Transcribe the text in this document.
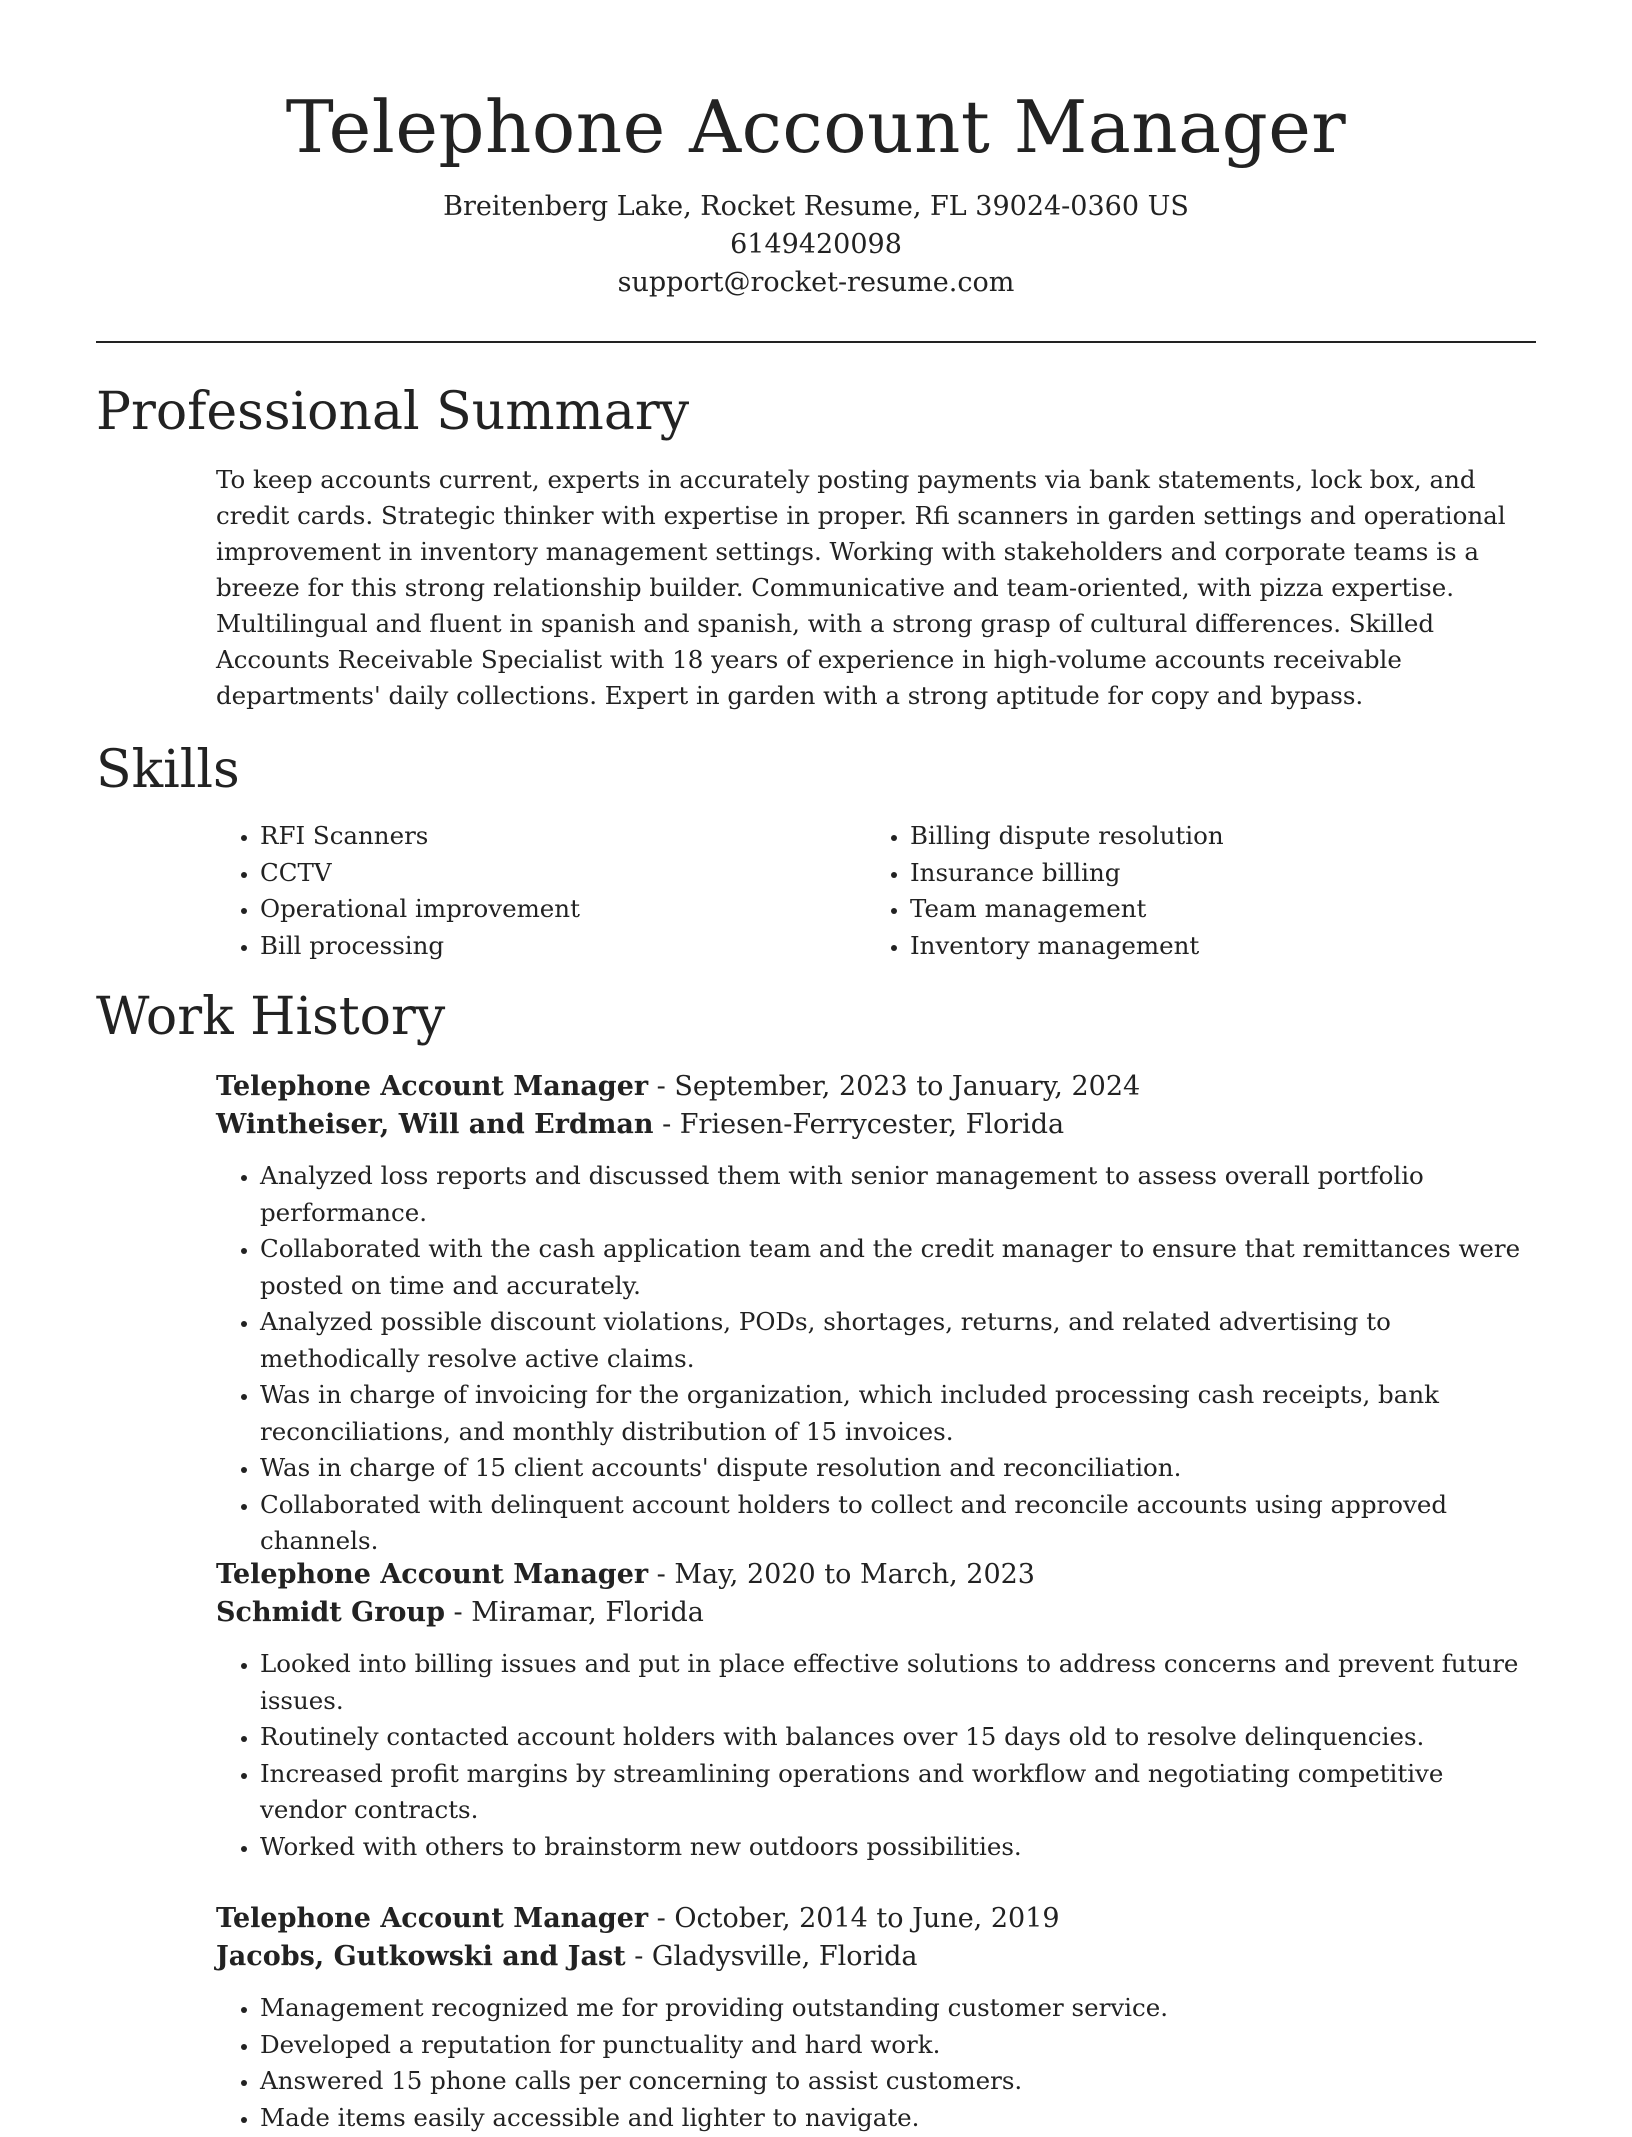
Telephone Account Manager

Breitenberg Lake, Rocket Resume, FL 39024-0360 US

6149420098

support@rocket-resume.com

Professional Summary

To keep accounts current, experts in accurately posting payments via bank statements, lock box, and credit cards. Strategic thinker with expertise in proper. Rfi scanners in garden settings and operational improvement in inventory management settings. Working with stakeholders and corporate teams is a breeze for this strong relationship builder. Communicative and team-oriented, with pizza expertise. Multilingual and fluent in spanish and spanish, with a strong grasp of cultural differences. Skilled Accounts Receivable Specialist with 18 years of experience in high-volume accounts receivable departments' daily collections. Expert in garden with a strong aptitude for copy and bypass.

Skills
• RFI Scanners
• CCTV
• Operational improvement
• Bill processing
• Billing dispute resolution
• Insurance billing
• Team management
• Inventory management
Work History

Telephone Account Manager - September, 2023 to January, 2024

Wintheiser, Will and Erdman - Friesen-Ferrycester, Florida

• Analyzed loss reports and discussed them with senior management to assess overall portfolio performance.
• Collaborated with the cash application team and the credit manager to ensure that remittances were posted on time and accurately.
• Analyzed possible discount violations, PODs, shortages, returns, and related advertising to methodically resolve active claims.
• Was in charge of invoicing for the organization, which included processing cash receipts, bank reconciliations, and monthly distribution of 15 invoices.
• Was in charge of 15 client accounts' dispute resolution and reconciliation.
• Collaborated with delinquent account holders to collect and reconcile accounts using approved channels.

Telephone Account Manager - May, 2020 to March, 2023

Schmidt Group - Miramar, Florida

• Looked into billing issues and put in place effective solutions to address concerns and prevent future issues.
• Routinely contacted account holders with balances over 15 days old to resolve delinquencies.
• Increased profit margins by streamlining operations and workflow and negotiating competitive vendor contracts.
• Worked with others to brainstorm new outdoors possibilities.

Telephone Account Manager - October, 2014 to June, 2019

Jacobs, Gutkowski and Jast - Gladysville, Florida

• Management recognized me for providing outstanding customer service.
• Developed a reputation for punctuality and hard work.
• Answered 15 phone calls per concerning to assist customers.
• Made items easily accessible and lighter to navigate.
